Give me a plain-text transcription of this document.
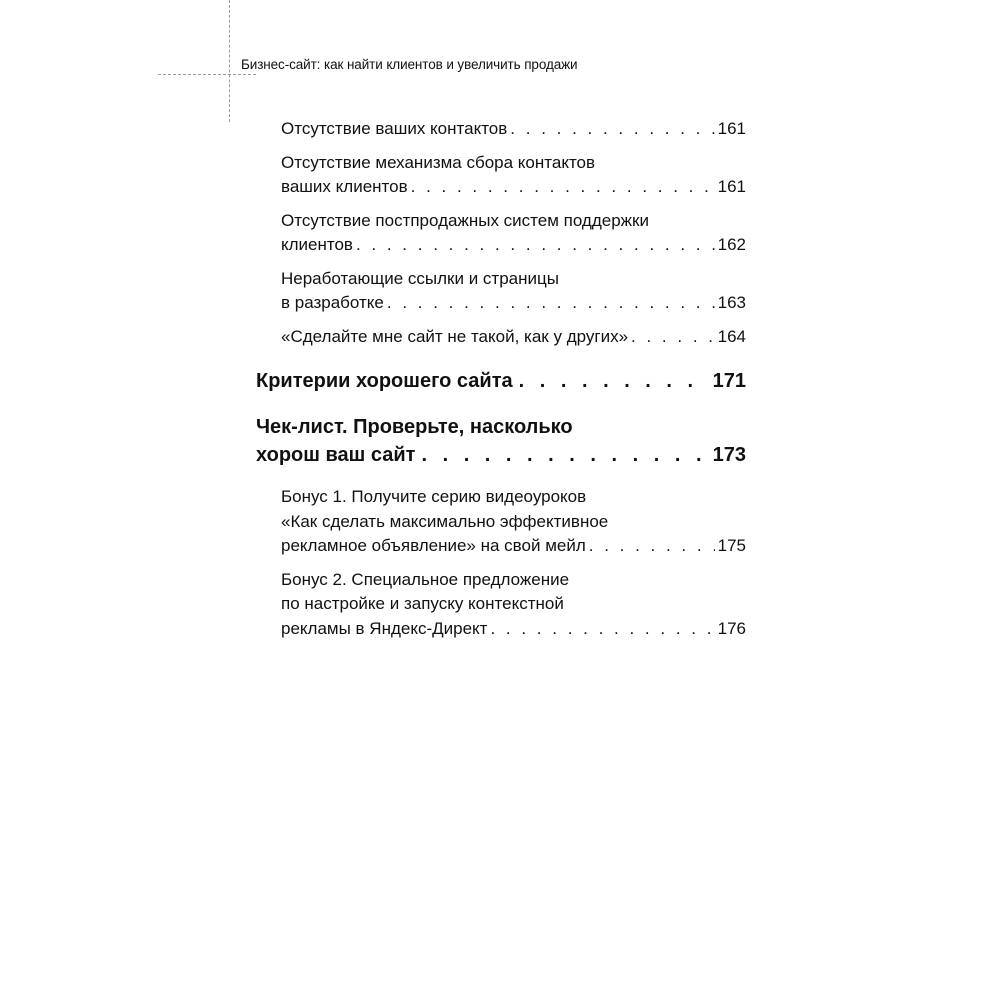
Бизнес-сайт: как найти клиентов и увеличить продажи
Отсутствие ваших контактов . . .	161
Отсутствие механизма сбора контактов
ваших клиентов . . .	161
Отсутствие постпродажных систем поддержки
клиентов . . .	162
Неработающие ссылки и страницы
в разработке . . .	163
«Сделайте мне сайт не такой, как у других» . . .	164
Критерии хорошего сайта . . .	171
Чек-лист. Проверьте, насколько
хорош ваш сайт . . .	173
Бонус 1. Получите серию видеоуроков
«Как сделать максимально эффективное
рекламное объявление» на свой мейл . . .	175
Бонус 2. Специальное предложение
по настройке и запуску контекстной
рекламы в Яндекс-Директ . . .	176
